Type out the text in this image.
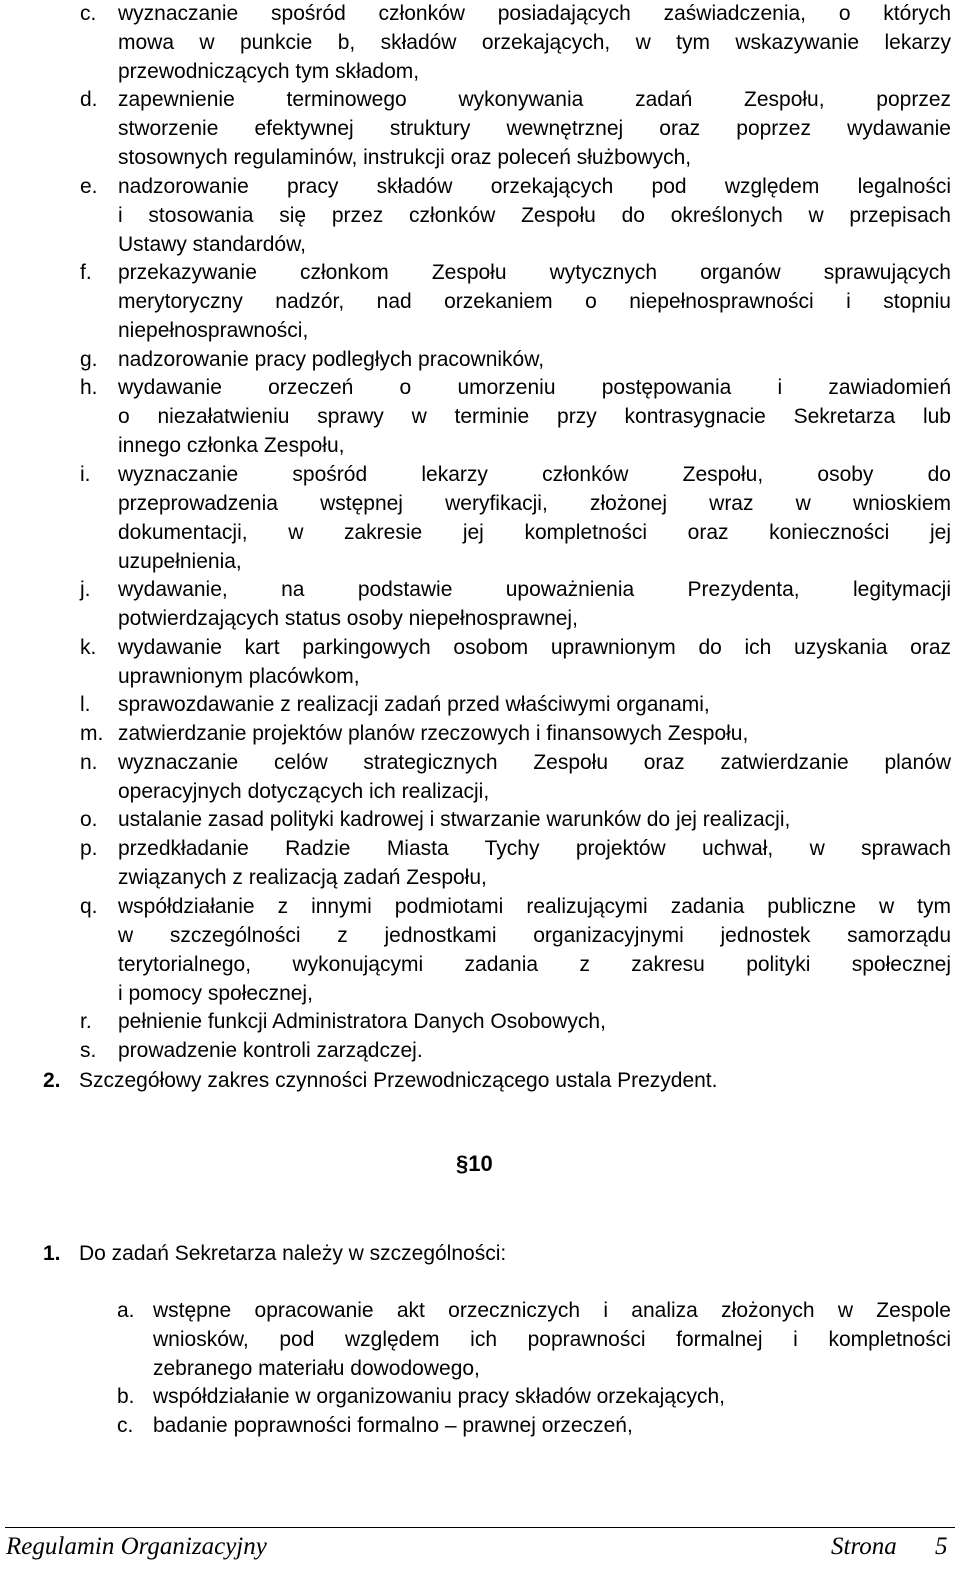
c. wyznaczanie spośród członków posiadających zaświadczenia, o których
mowa w punkcie b, składów orzekających, w tym wskazywanie lekarzy
przewodniczących tym składom,
d. zapewnienie terminowego wykonywania zadań Zespołu, poprzez
stworzenie efektywnej struktury wewnętrznej oraz poprzez wydawanie
stosownych regulaminów, instrukcji oraz poleceń służbowych,
e. nadzorowanie pracy składów orzekających pod względem legalności
i stosowania się przez członków Zespołu do określonych w przepisach
Ustawy standardów,
f. przekazywanie członkom Zespołu wytycznych organów sprawujących
merytoryczny nadzór, nad orzekaniem o niepełnosprawności i stopniu
niepełnosprawności,
g. nadzorowanie pracy podległych pracowników,
h. wydawanie orzeczeń o umorzeniu postępowania i zawiadomień
o niezałatwieniu sprawy w terminie przy kontrasygnacie Sekretarza lub
innego członka Zespołu,
i. wyznaczanie spośród lekarzy członków Zespołu, osoby do
przeprowadzenia wstępnej weryfikacji, złożonej wraz w wnioskiem
dokumentacji, w zakresie jej kompletności oraz konieczności jej
uzupełnienia,
j. wydawanie, na podstawie upoważnienia Prezydenta, legitymacji
potwierdzających status osoby niepełnosprawnej,
k. wydawanie kart parkingowych osobom uprawnionym do ich uzyskania oraz
uprawnionym placówkom,
l. sprawozdawanie z realizacji zadań przed właściwymi organami,
m. zatwierdzanie projektów planów rzeczowych i finansowych Zespołu,
n. wyznaczanie celów strategicznych Zespołu oraz zatwierdzanie planów
operacyjnych dotyczących ich realizacji,
o. ustalanie zasad polityki kadrowej i stwarzanie warunków do jej realizacji,
p. przedkładanie Radzie Miasta Tychy projektów uchwał, w sprawach
związanych z realizacją zadań Zespołu,
q. współdziałanie z innymi podmiotami realizującymi zadania publiczne w tym
w szczególności z jednostkami organizacyjnymi jednostek samorządu
terytorialnego, wykonującymi zadania z zakresu polityki społecznej
i pomocy społecznej,
r. pełnienie funkcji Administratora Danych Osobowych,
s. prowadzenie kontroli zarządczej.
2. Szczegółowy zakres czynności Przewodniczącego ustala Prezydent.
§10
1. Do zadań Sekretarza należy w szczególności:
a. wstępne opracowanie akt orzeczniczych i analiza złożonych w Zespole
wniosków, pod względem ich poprawności formalnej i kompletności
zebranego materiału dowodowego,
b. współdziałanie w organizowaniu pracy składów orzekających,
c. badanie poprawności formalno – prawnej orzeczeń,
Regulamin Organizacyjny	Strona 5
